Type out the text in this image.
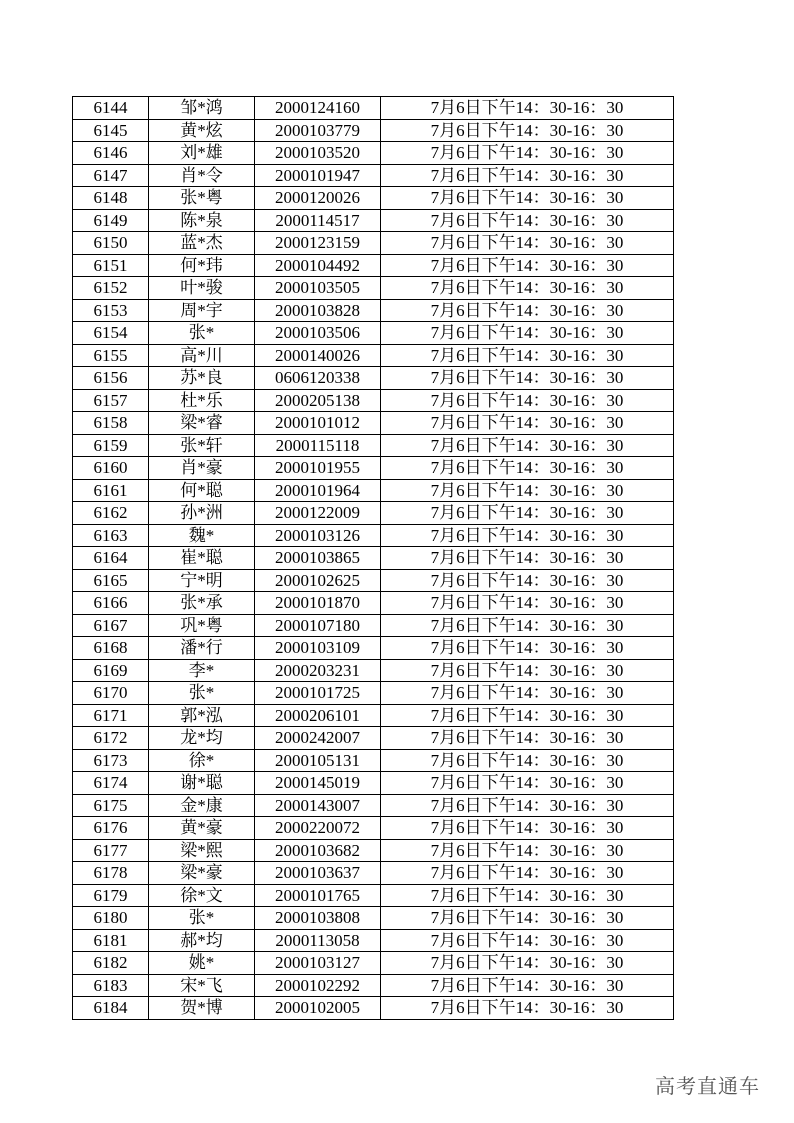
6144	邹*鸿	2000124160	7月6日下午14：30-16：30
6145	黄*炫	2000103779	7月6日下午14：30-16：30
6146	刘*雄	2000103520	7月6日下午14：30-16：30
6147	肖*令	2000101947	7月6日下午14：30-16：30
6148	张*粤	2000120026	7月6日下午14：30-16：30
6149	陈*泉	2000114517	7月6日下午14：30-16：30
6150	蓝*杰	2000123159	7月6日下午14：30-16：30
6151	何*玮	2000104492	7月6日下午14：30-16：30
6152	叶*骏	2000103505	7月6日下午14：30-16：30
6153	周*宇	2000103828	7月6日下午14：30-16：30
6154	张*	2000103506	7月6日下午14：30-16：30
6155	高*川	2000140026	7月6日下午14：30-16：30
6156	苏*良	0606120338	7月6日下午14：30-16：30
6157	杜*乐	2000205138	7月6日下午14：30-16：30
6158	梁*睿	2000101012	7月6日下午14：30-16：30
6159	张*轩	2000115118	7月6日下午14：30-16：30
6160	肖*豪	2000101955	7月6日下午14：30-16：30
6161	何*聪	2000101964	7月6日下午14：30-16：30
6162	孙*洲	2000122009	7月6日下午14：30-16：30
6163	魏*	2000103126	7月6日下午14：30-16：30
6164	崔*聪	2000103865	7月6日下午14：30-16：30
6165	宁*明	2000102625	7月6日下午14：30-16：30
6166	张*承	2000101870	7月6日下午14：30-16：30
6167	巩*粤	2000107180	7月6日下午14：30-16：30
6168	潘*行	2000103109	7月6日下午14：30-16：30
6169	李*	2000203231	7月6日下午14：30-16：30
6170	张*	2000101725	7月6日下午14：30-16：30
6171	郭*泓	2000206101	7月6日下午14：30-16：30
6172	龙*均	2000242007	7月6日下午14：30-16：30
6173	徐*	2000105131	7月6日下午14：30-16：30
6174	谢*聪	2000145019	7月6日下午14：30-16：30
6175	金*康	2000143007	7月6日下午14：30-16：30
6176	黄*豪	2000220072	7月6日下午14：30-16：30
6177	梁*熙	2000103682	7月6日下午14：30-16：30
6178	梁*豪	2000103637	7月6日下午14：30-16：30
6179	徐*文	2000101765	7月6日下午14：30-16：30
6180	张*	2000103808	7月6日下午14：30-16：30
6181	郝*均	2000113058	7月6日下午14：30-16：30
6182	姚*	2000103127	7月6日下午14：30-16：30
6183	宋*飞	2000102292	7月6日下午14：30-16：30
6184	贺*博	2000102005	7月6日下午14：30-16：30
高考直通车
